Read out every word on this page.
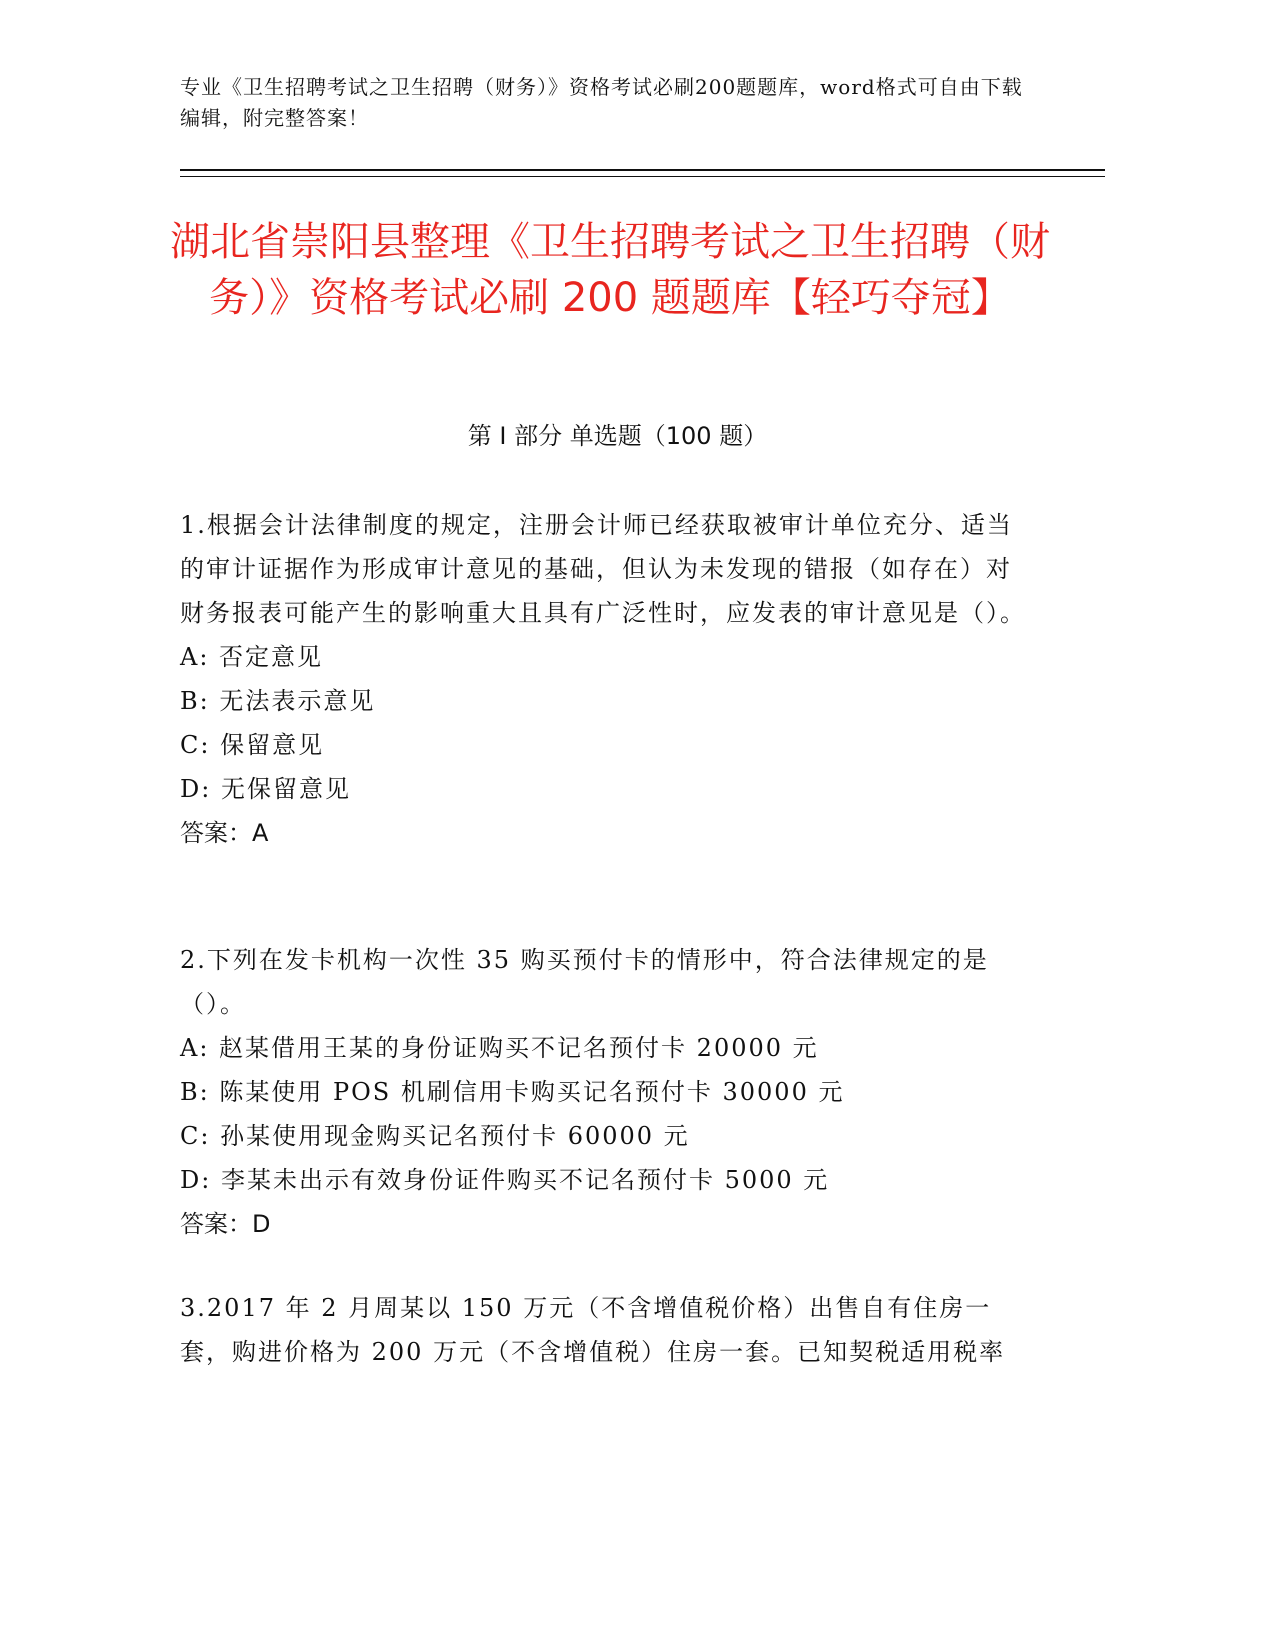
专业《卫生招聘考试之卫生招聘（财务）》资格考试必刷200题题库，word格式可自由下载编辑，附完整答案！
湖北省崇阳县整理《卫生招聘考试之卫生招聘（财务）》资格考试必刷 200 题题库【轻巧夺冠】
第 I 部分 单选题（100 题）
1.根据会计法律制度的规定，注册会计师已经获取被审计单位充分、适当的审计证据作为形成审计意见的基础，但认为未发现的错报（如存在）对财务报表可能产生的影响重大且具有广泛性时，应发表的审计意见是（）。
A: 否定意见
B: 无法表示意见
C: 保留意见
D: 无保留意见
答案：A
2.下列在发卡机构一次性 35 购买预付卡的情形中，符合法律规定的是（）。
A: 赵某借用王某的身份证购买不记名预付卡 20000 元
B: 陈某使用 POS 机刷信用卡购买记名预付卡 30000 元
C: 孙某使用现金购买记名预付卡 60000 元
D: 李某未出示有效身份证件购买不记名预付卡 5000 元
答案：D
3.2017 年 2 月周某以 150 万元（不含增值税价格）出售自有住房一套，购进价格为 200 万元（不含增值税）住房一套。已知契税适用税率
